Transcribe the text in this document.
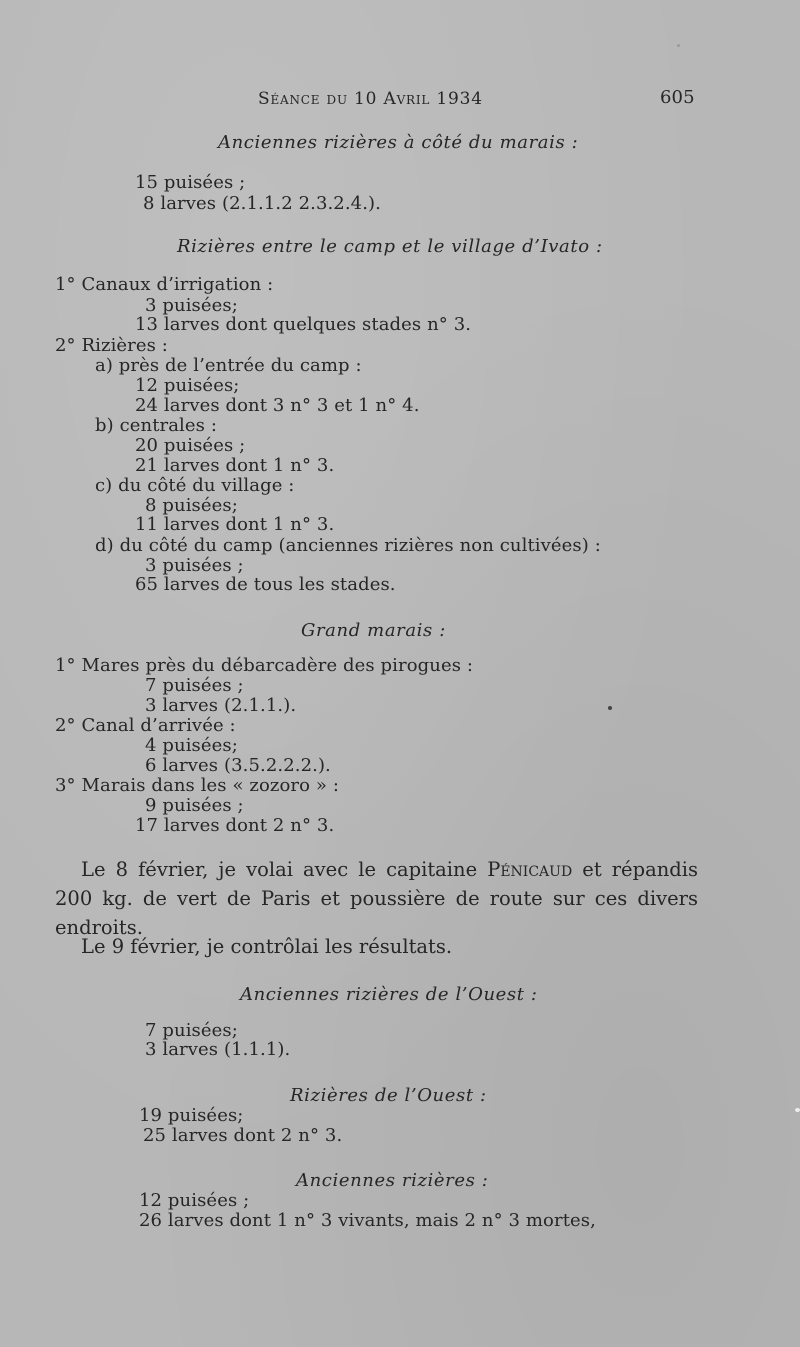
Séance du 10 Avril 1934	605
Anciennes rizières à côté du marais :
15 puisées ;
8 larves (2.1.1.2 2.3.2.4.).
Rizières entre le camp et le village d’Ivato :
1° Canaux d’irrigation :
3 puisées;
13 larves dont quelques stades n° 3.
2° Rizières :
a) près de l’entrée du camp :
12 puisées;
24 larves dont 3 n° 3 et 1 n° 4.
b) centrales :
20 puisées ;
21 larves dont 1 n° 3.
c) du côté du village :
8 puisées;
11 larves dont 1 n° 3.
d) du côté du camp (anciennes rizières non cultivées) :
3 puisées ;
65 larves de tous les stades.
Grand marais :
1° Mares près du débarcadère des pirogues :
7 puisées ;
3 larves (2.1.1.).
2° Canal d’arrivée :
4 puisées;
6 larves (3.5.2.2.2.).
3° Marais dans les « zozoro » :
9 puisées ;
17 larves dont 2 n° 3.
Le 8 février, je volai avec le capitaine Pénicaud et répandis 200 kg. de vert de Paris et poussière de route sur ces divers endroits.
Le 9 février, je contrôlai les résultats.
Anciennes rizières de l’Ouest :
7 puisées;
3 larves (1.1.1).
Rizières de l’Ouest :
19 puisées;
25 larves dont 2 n° 3.
Anciennes rizières :
12 puisées ;
26 larves dont 1 n° 3 vivants, mais 2 n° 3 mortes,
